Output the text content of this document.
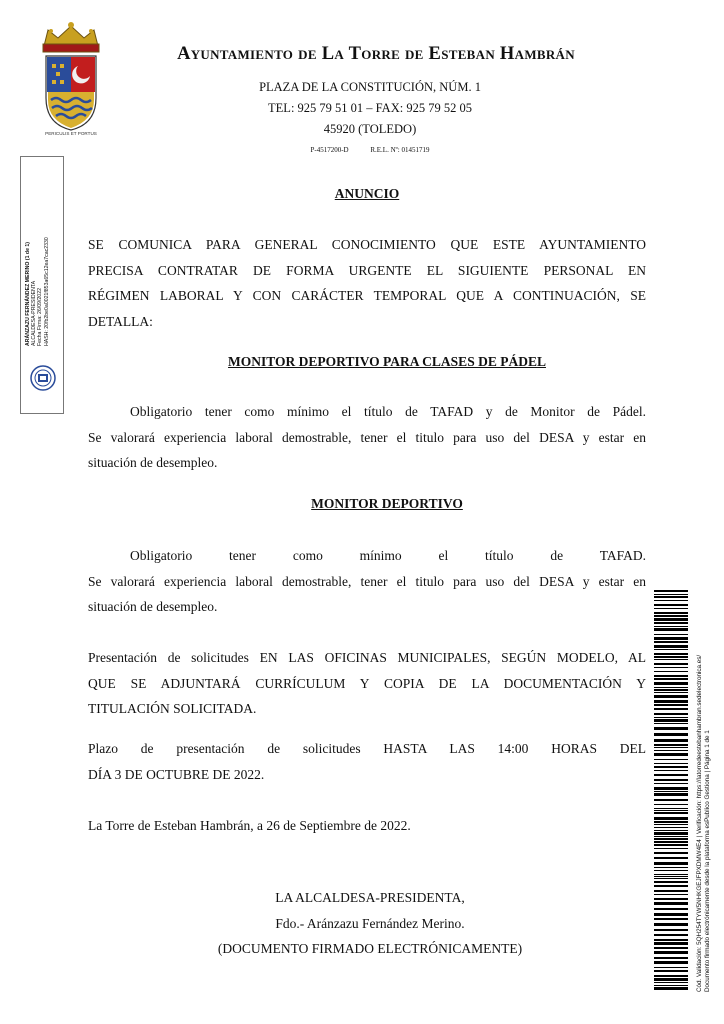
PERICULIS ET PORTUS
Ayuntamiento de La Torre de Esteban Hambrán
PLAZA DE LA CONSTITUCIÓN, NÚM. 1
TEL: 925 79 51 01 – FAX: 925 79 52 05
45920 (TOLEDO)
P-4517200-D	R.E.L. Nº: 01451719
ARÁNZAZU FERNÁNDEZ MERINO (1 de 1) ALCALDESA-PRESIDENTA Fecha Firma: 26/09/2022 HASH: 20fb2be0a0021f853a65c12ea7cac2330
ANUNCIO
SE COMUNICA PARA GENERAL CONOCIMIENTO QUE ESTE AYUNTAMIENTO
PRECISA CONTRATAR DE FORMA URGENTE EL SIGUIENTE PERSONAL EN
RÉGIMEN LABORAL Y CON CARÁCTER TEMPORAL QUE A CONTINUACIÓN, SE
DETALLA:
MONITOR DEPORTIVO PARA CLASES DE PÁDEL
Obligatorio tener como mínimo el título de TAFAD y de Monitor de Pádel.
Se valorará experiencia laboral demostrable, tener el titulo para uso del DESA y estar en
situación de desempleo.
MONITOR DEPORTIVO
Obligatorio tener como mínimo el título de TAFAD.
Se valorará experiencia laboral demostrable, tener el titulo para uso del DESA y estar en
situación de desempleo.
Presentación de solicitudes EN LAS OFICINAS MUNICIPALES, SEGÚN MODELO, AL
QUE SE ADJUNTARÁ CURRÍCULUM Y COPIA DE LA DOCUMENTACIÓN Y
TITULACIÓN SOLICITADA.
Plazo de presentación de solicitudes HASTA LAS 14:00 HORAS DEL
DÍA 3 DE OCTUBRE DE 2022.
La Torre de Esteban Hambrán, a 26 de Septiembre de 2022.
LA ALCALDESA-PRESIDENTA,
Fdo.- Aránzazu Fernández Merino.
(DOCUMENTO FIRMADO ELECTRÓNICAMENTE)	Cód. Validación: 5QH254TYW5NHKGEJFPXDMW4E4 | Verificación: https://latorredeestebanhambran.sedelectronica.es/ Documento firmado electrónicamente desde la plataforma esPublico Gestiona | Página 1 de 1
